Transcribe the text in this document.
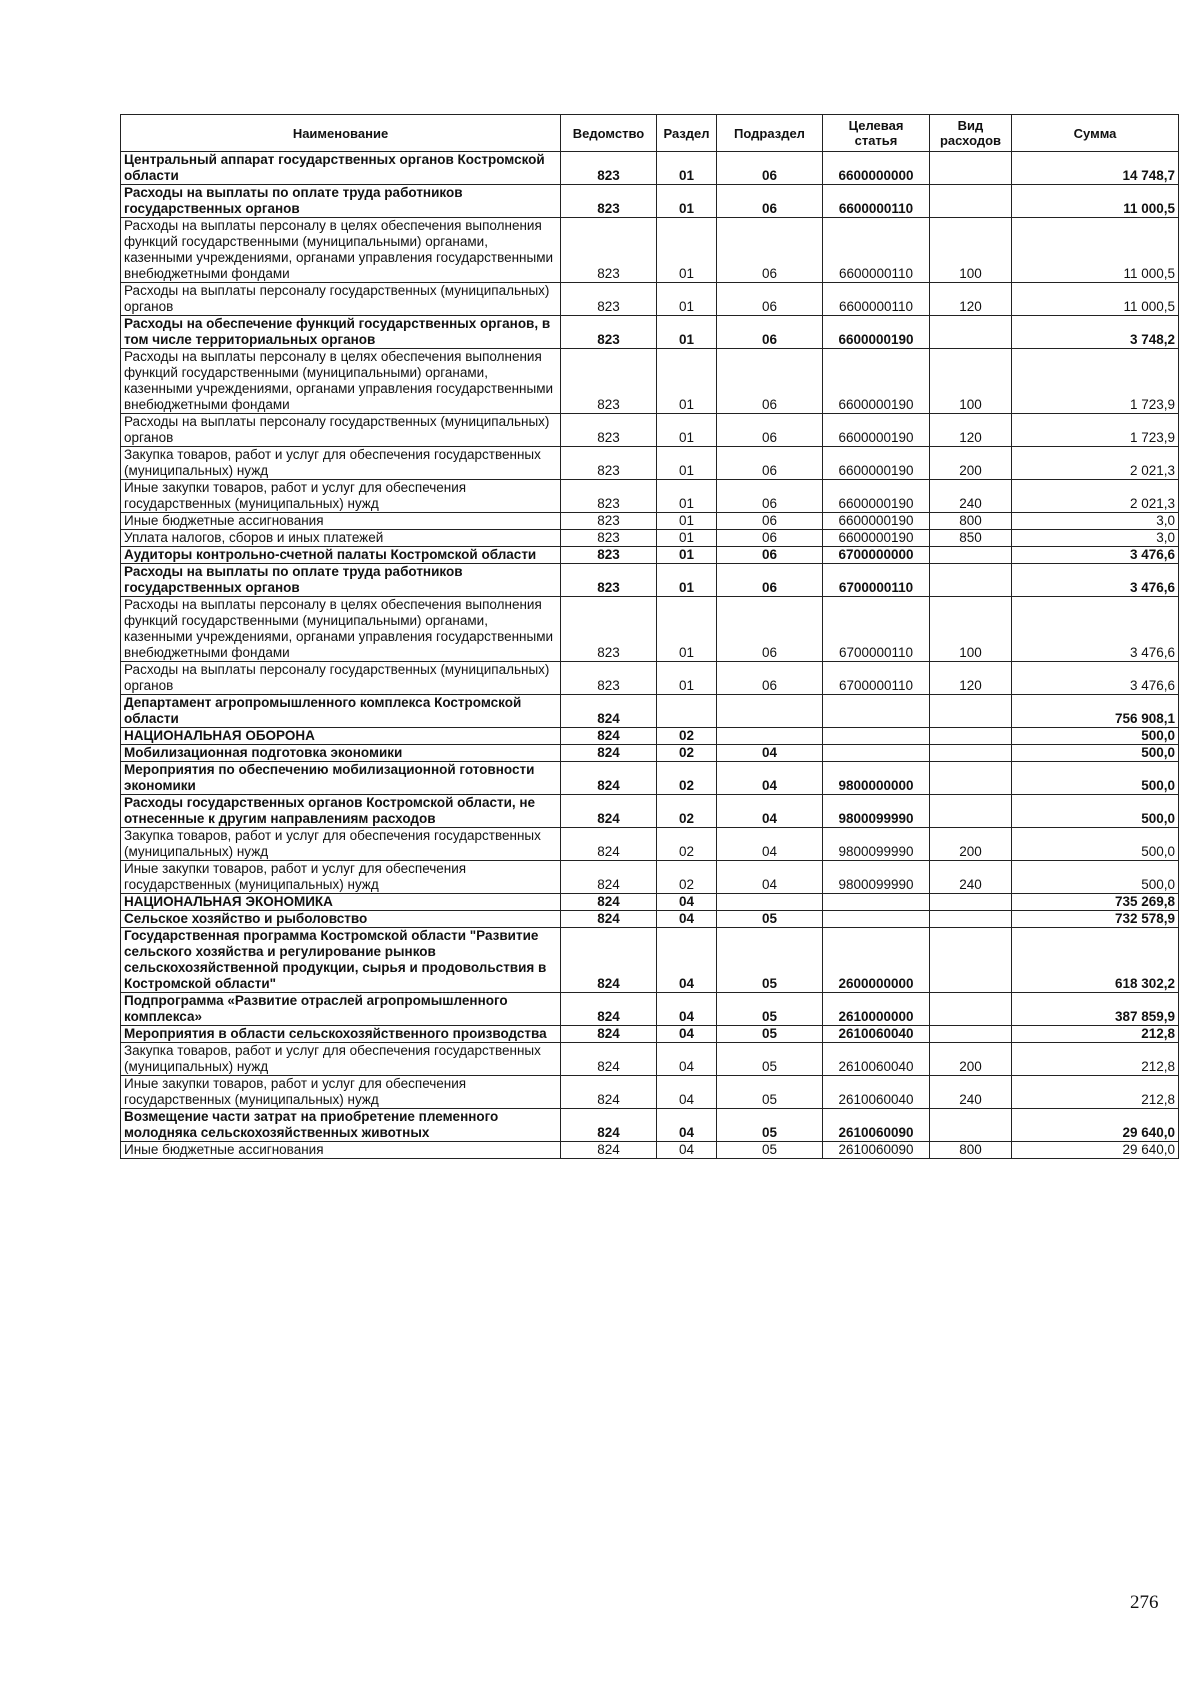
Наименование	Ведомство	Раздел	Подраздел	Целевая статья	Вид расходов	Сумма
Центральный аппарат государственных органов Костромской области	823	01	06	6600000000		14 748,7
Расходы на выплаты по оплате труда работников государственных органов	823	01	06	6600000110		11 000,5
Расходы на выплаты персоналу в целях обеспечения выполнения функций государственными (муниципальными) органами, казенными учреждениями, органами управления государственными внебюджетными фондами	823	01	06	6600000110	100	11 000,5
Расходы на выплаты персоналу государственных (муниципальных) органов	823	01	06	6600000110	120	11 000,5
Расходы на обеспечение функций государственных органов, в том числе территориальных органов	823	01	06	6600000190		3 748,2
Расходы на выплаты персоналу в целях обеспечения выполнения функций государственными (муниципальными) органами, казенными учреждениями, органами управления государственными внебюджетными фондами	823	01	06	6600000190	100	1 723,9
Расходы на выплаты персоналу государственных (муниципальных) органов	823	01	06	6600000190	120	1 723,9
Закупка товаров, работ и услуг для обеспечения государственных (муниципальных) нужд	823	01	06	6600000190	200	2 021,3
Иные закупки товаров, работ и услуг для обеспечения государственных (муниципальных) нужд	823	01	06	6600000190	240	2 021,3
Иные бюджетные ассигнования	823	01	06	6600000190	800	3,0
Уплата налогов, сборов и иных платежей	823	01	06	6600000190	850	3,0
Аудиторы контрольно-счетной палаты Костромской области	823	01	06	6700000000		3 476,6
Расходы на выплаты по оплате труда работников государственных органов	823	01	06	6700000110		3 476,6
Расходы на выплаты персоналу в целях обеспечения выполнения функций государственными (муниципальными) органами, казенными учреждениями, органами управления государственными внебюджетными фондами	823	01	06	6700000110	100	3 476,6
Расходы на выплаты персоналу государственных (муниципальных) органов	823	01	06	6700000110	120	3 476,6
Департамент агропромышленного комплекса Костромской области	824					756 908,1
НАЦИОНАЛЬНАЯ ОБОРОНА	824	02				500,0
Мобилизационная подготовка экономики	824	02	04			500,0
Мероприятия по обеспечению мобилизационной готовности экономики	824	02	04	9800000000		500,0
Расходы государственных органов Костромской области, не отнесенные к другим направлениям расходов	824	02	04	9800099990		500,0
Закупка товаров, работ и услуг для обеспечения государственных (муниципальных) нужд	824	02	04	9800099990	200	500,0
Иные закупки товаров, работ и услуг для обеспечения государственных (муниципальных) нужд	824	02	04	9800099990	240	500,0
НАЦИОНАЛЬНАЯ ЭКОНОМИКА	824	04				735 269,8
Сельское хозяйство и рыболовство	824	04	05			732 578,9
Государственная программа Костромской области "Развитие сельского хозяйства и регулирование рынков сельскохозяйственной продукции, сырья и продовольствия в Костромской области"	824	04	05	2600000000		618 302,2
Подпрограмма «Развитие отраслей агропромышленного комплекса»	824	04	05	2610000000		387 859,9
Мероприятия в области сельскохозяйственного производства	824	04	05	2610060040		212,8
Закупка товаров, работ и услуг для обеспечения государственных (муниципальных) нужд	824	04	05	2610060040	200	212,8
Иные закупки товаров, работ и услуг для обеспечения государственных (муниципальных) нужд	824	04	05	2610060040	240	212,8
Возмещение части затрат на приобретение племенного молодняка сельскохозяйственных животных	824	04	05	2610060090		29 640,0
Иные бюджетные ассигнования	824	04	05	2610060090	800	29 640,0
276
